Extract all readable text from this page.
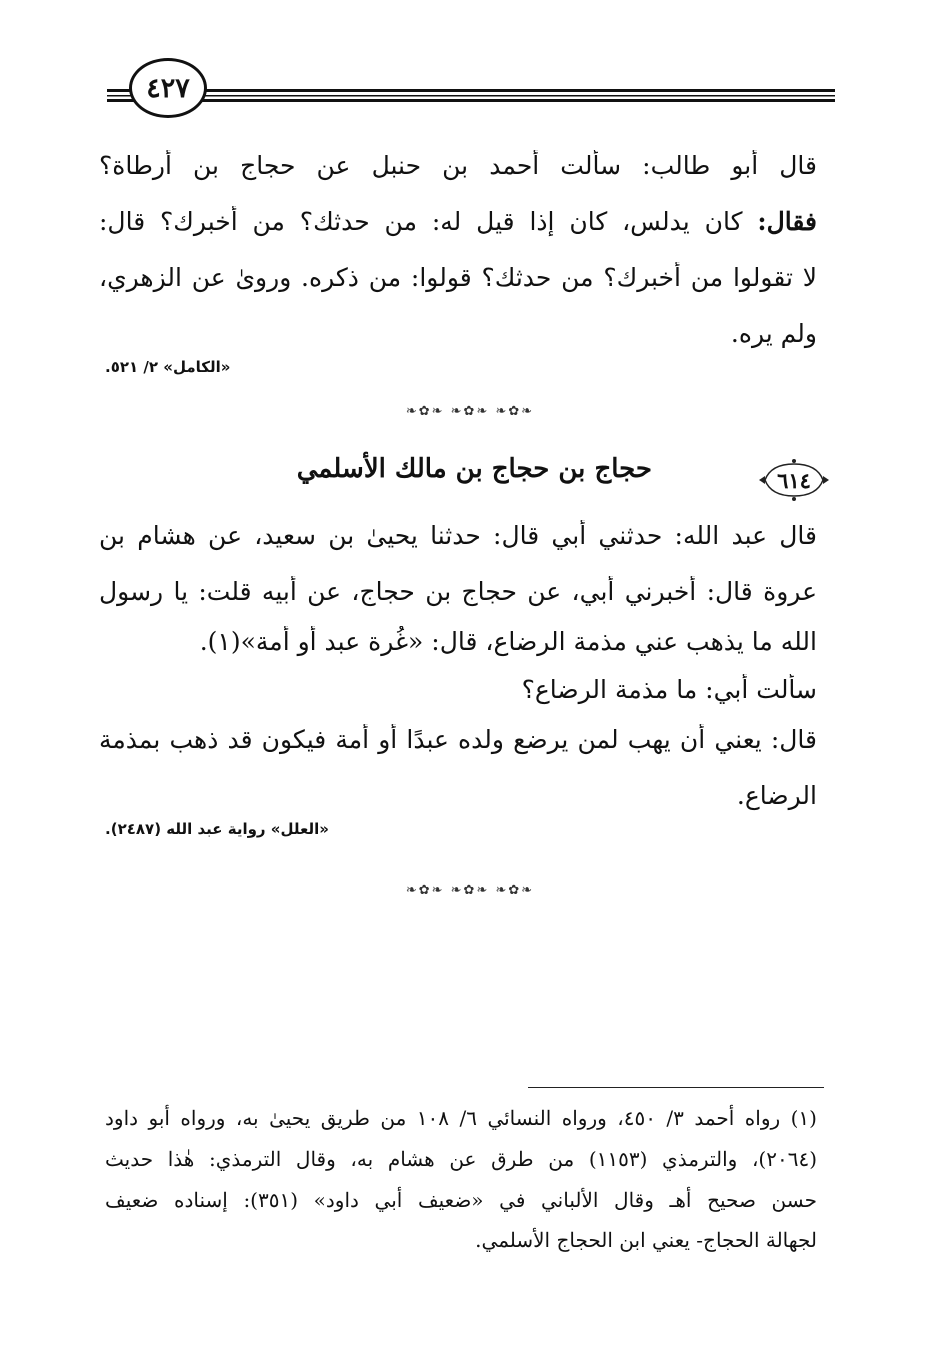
٤٢٧
قال أبو طالب: سألت أحمد بن حنبل عن حجاج بن أرطاة؟
فقال: كان يدلس، كان إذا قيل له: من حدثك؟ من أخبرك؟ قال:
لا تقولوا من أخبرك؟ من حدثك؟ قولوا: من ذكره. وروىٰ عن الزهري،
ولم يره.
«الكامل» ٢/ ٥٢١.
❧✿❧ ❧✿❧ ❧✿❧
حجاج بن حجاج بن مالك الأسلمي	٦١٤
قال عبد الله: حدثني أبي قال: حدثنا يحيىٰ بن سعيد، عن هشام بن
عروة قال: أخبرني أبي، عن حجاج بن حجاج، عن أبيه قلت: يا رسول
الله ما يذهب عني مذمة الرضاع، قال: «غُرة عبد أو أمة»(١).
سألت أبي: ما مذمة الرضاع؟
قال: يعني أن يهب لمن يرضع ولده عبدًا أو أمة فيكون قد ذهب بمذمة
الرضاع.
«العلل» رواية عبد الله (٢٤٨٧).
❧✿❧ ❧✿❧ ❧✿❧
(١) رواه أحمد ٣/ ٤٥٠، ورواه النسائي ٦/ ١٠٨ من طريق يحيىٰ به، ورواه أبو داود
(٢٠٦٤)، والترمذي (١١٥٣) من طرق عن هشام به، وقال الترمذي: هٰذا حديث
حسن صحيح أهـ وقال الألباني في «ضعيف أبي داود» (٣٥١): إسناده ضعيف
لجهالة الحجاج- يعني ابن الحجاج الأسلمي.
